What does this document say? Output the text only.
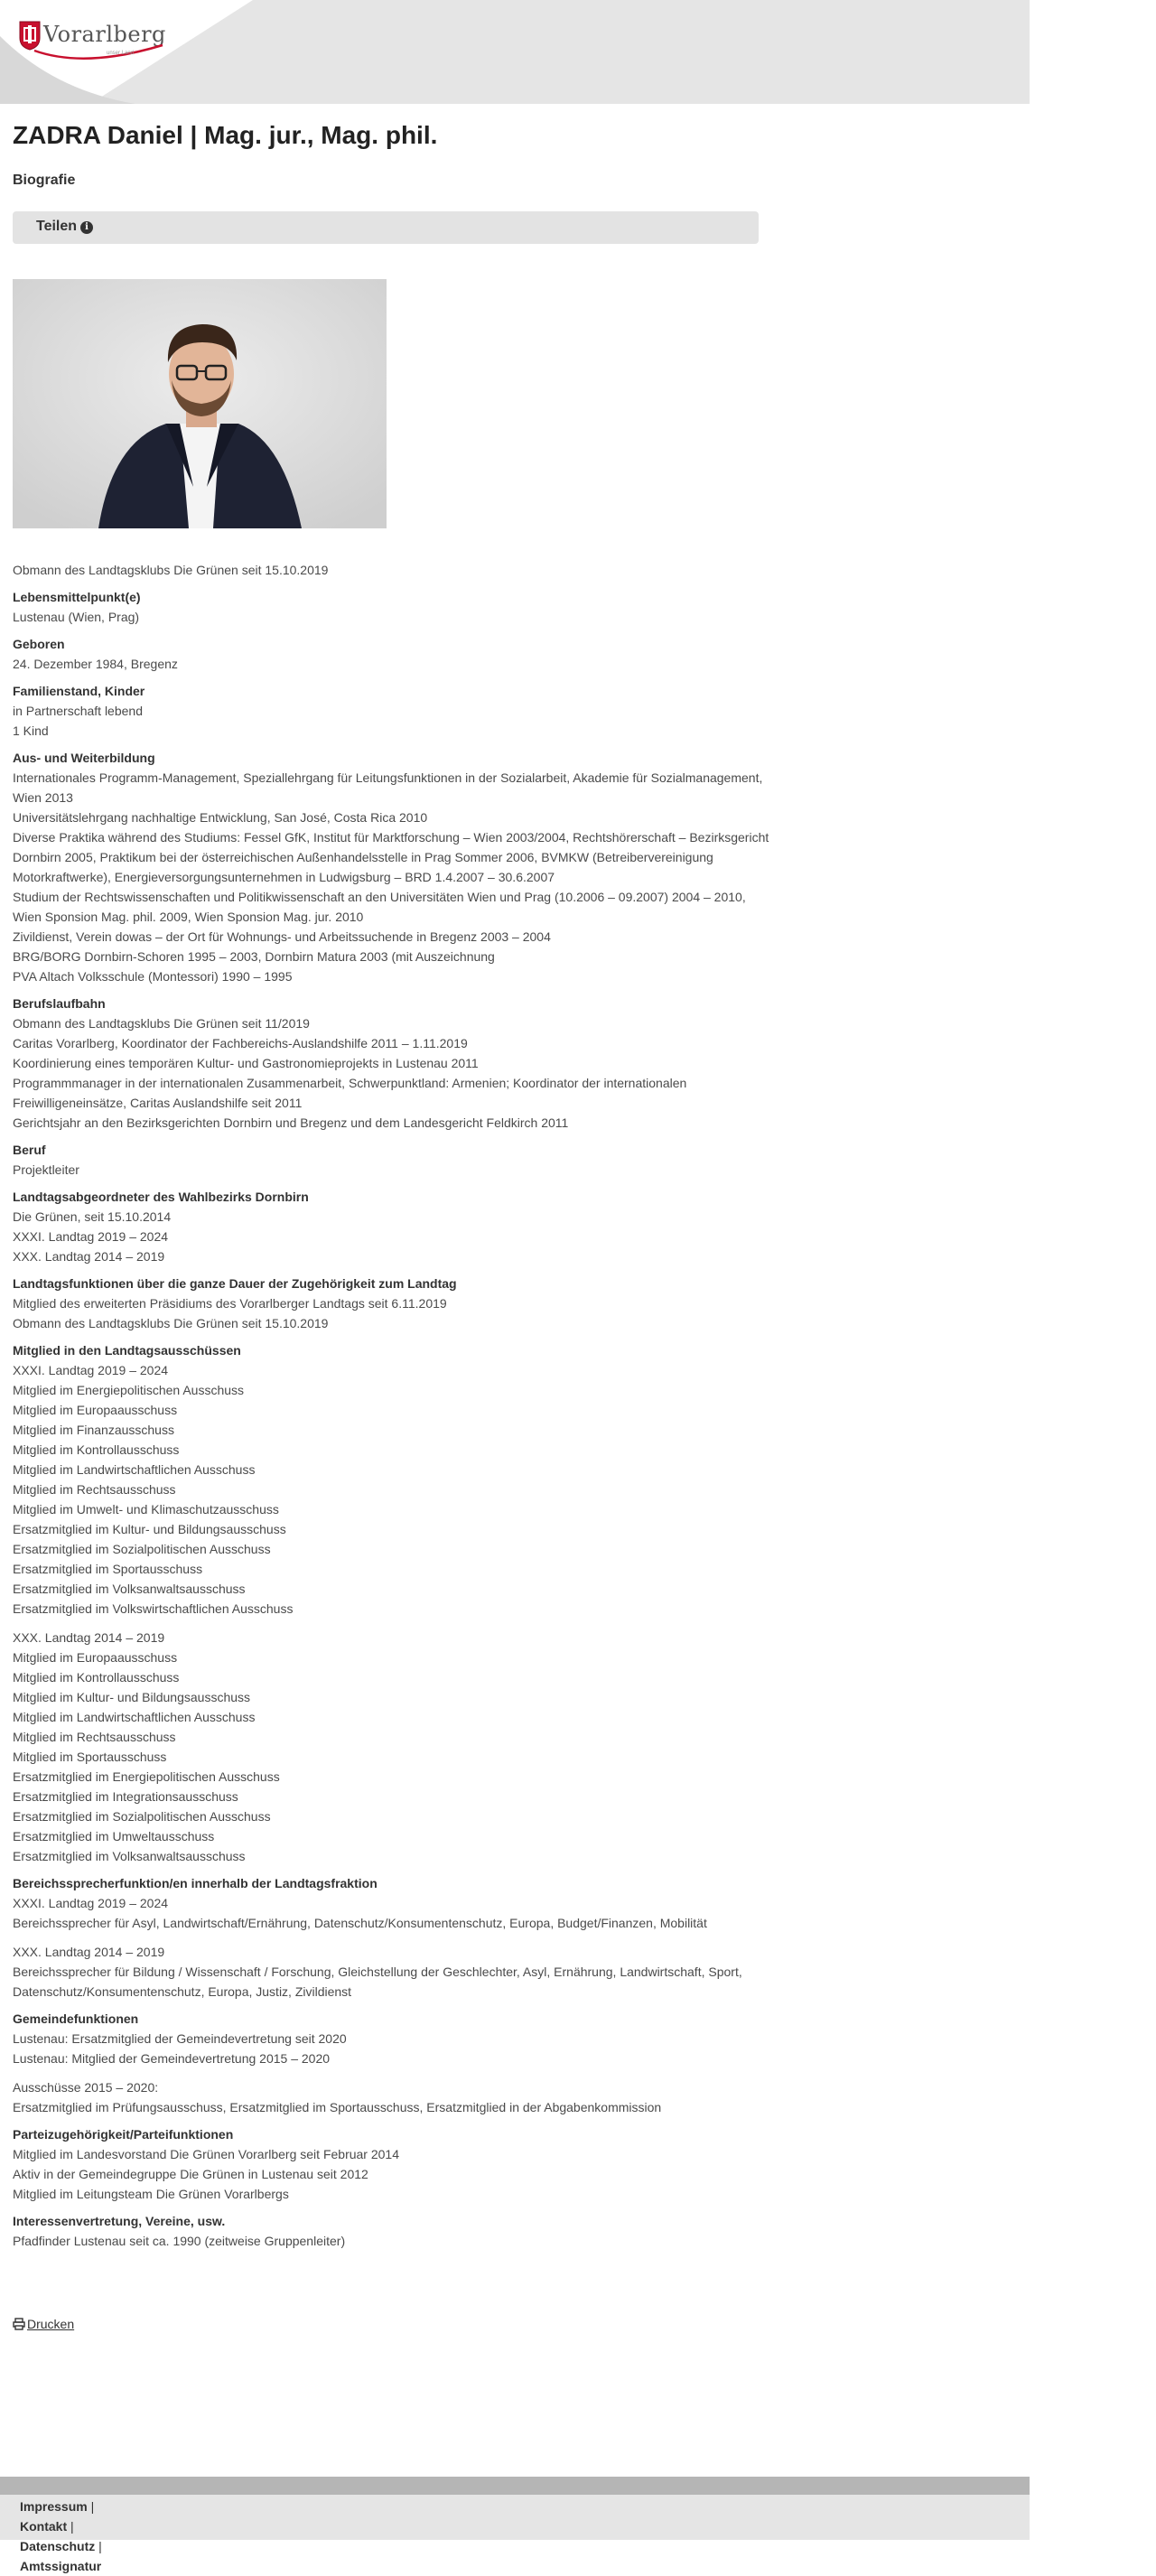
Vorarlberg
unser Land
ZADRA Daniel | Mag. jur., Mag. phil.

Biografie

Teilen i

Obmann des Landtagsklubs Die Grünen seit 15.10.2019

Lebensmittelpunkt(e)

Lustenau (Wien, Prag)

Geboren

24. Dezember 1984, Bregenz

Familienstand, Kinder

in Partnerschaft lebend

1 Kind

Aus- und Weiterbildung

Internationales Programm-Management, Speziallehrgang für Leitungsfunktionen in der Sozialarbeit, Akademie für Sozialmanagement, Wien 2013

Universitätslehrgang nachhaltige Entwicklung, San José, Costa Rica 2010

Diverse Praktika während des Studiums: Fessel GfK, Institut für Marktforschung – Wien 2003/2004, Rechtshörerschaft – Bezirksgericht Dornbirn 2005, Praktikum bei der österreichischen Außenhandelsstelle in Prag Sommer 2006, BVMKW (Betreibervereinigung Motorkraftwerke), Energieversorgungsunternehmen in Ludwigsburg – BRD 1.4.2007 – 30.6.2007

Studium der Rechtswissenschaften und Politikwissenschaft an den Universitäten Wien und Prag (10.2006 – 09.2007) 2004 – 2010, Wien Sponsion Mag. phil. 2009, Wien Sponsion Mag. jur. 2010

Zivildienst, Verein dowas – der Ort für Wohnungs- und Arbeitssuchende in Bregenz 2003 – 2004

BRG/BORG Dornbirn-Schoren 1995 – 2003, Dornbirn Matura 2003 (mit Auszeichnung

PVA Altach Volksschule (Montessori) 1990 – 1995

Berufslaufbahn

Obmann des Landtagsklubs Die Grünen seit 11/2019

Caritas Vorarlberg, Koordinator der Fachbereichs-Auslandshilfe 2011 – 1.11.2019

Koordinierung eines temporären Kultur- und Gastronomieprojekts in Lustenau 2011

Programmmanager in der internationalen Zusammenarbeit, Schwerpunktland: Armenien; Koordinator der internationalen Freiwilligeneinsätze, Caritas Auslandshilfe seit 2011

Gerichtsjahr an den Bezirksgerichten Dornbirn und Bregenz und dem Landesgericht Feldkirch 2011

Beruf

Projektleiter

Landtagsabgeordneter des Wahlbezirks Dornbirn

Die Grünen, seit 15.10.2014

XXXI. Landtag 2019 – 2024

XXX. Landtag 2014 – 2019

Landtagsfunktionen über die ganze Dauer der Zugehörigkeit zum Landtag

Mitglied des erweiterten Präsidiums des Vorarlberger Landtags seit 6.11.2019

Obmann des Landtagsklubs Die Grünen seit 15.10.2019

Mitglied in den Landtagsausschüssen

XXXI. Landtag 2019 – 2024

Mitglied im Energiepolitischen Ausschuss

Mitglied im Europaausschuss

Mitglied im Finanzausschuss

Mitglied im Kontrollausschuss

Mitglied im Landwirtschaftlichen Ausschuss

Mitglied im Rechtsausschuss

Mitglied im Umwelt- und Klimaschutzausschuss

Ersatzmitglied im Kultur- und Bildungsausschuss

Ersatzmitglied im Sozialpolitischen Ausschuss

Ersatzmitglied im Sportausschuss

Ersatzmitglied im Volksanwaltsausschuss

Ersatzmitglied im Volkswirtschaftlichen Ausschuss

XXX. Landtag 2014 – 2019

Mitglied im Europaausschuss

Mitglied im Kontrollausschuss

Mitglied im Kultur- und Bildungsausschuss

Mitglied im Landwirtschaftlichen Ausschuss

Mitglied im Rechtsausschuss

Mitglied im Sportausschuss

Ersatzmitglied im Energiepolitischen Ausschuss

Ersatzmitglied im Integrationsausschuss

Ersatzmitglied im Sozialpolitischen Ausschuss

Ersatzmitglied im Umweltausschuss

Ersatzmitglied im Volksanwaltsausschuss

Bereichssprecherfunktion/en innerhalb der Landtagsfraktion

XXXI. Landtag 2019 – 2024

Bereichssprecher für Asyl, Landwirtschaft/Ernährung, Datenschutz/Konsumentenschutz, Europa, Budget/Finanzen, Mobilität

XXX. Landtag 2014 – 2019

Bereichssprecher für Bildung / Wissenschaft / Forschung, Gleichstellung der Geschlechter, Asyl, Ernährung, Landwirtschaft, Sport, Datenschutz/Konsumentenschutz, Europa, Justiz, Zivildienst

Gemeindefunktionen

Lustenau: Ersatzmitglied der Gemeindevertretung seit 2020

Lustenau: Mitglied der Gemeindevertretung 2015 – 2020

Ausschüsse 2015 – 2020:

Ersatzmitglied im Prüfungsausschuss, Ersatzmitglied im Sportausschuss, Ersatzmitglied in der Abgabenkommission

Parteizugehörigkeit/Parteifunktionen

Mitglied im Landesvorstand Die Grünen Vorarlberg seit Februar 2014

Aktiv in der Gemeindegruppe Die Grünen in Lustenau seit 2012

Mitglied im Leitungsteam Die Grünen Vorarlbergs

Interessenvertretung, Vereine, usw.

Pfadfinder Lustenau seit ca. 1990 (zeitweise Gruppenleiter)

Drucken
Impressum |
Kontakt |
Datenschutz |
Amtssignatur
